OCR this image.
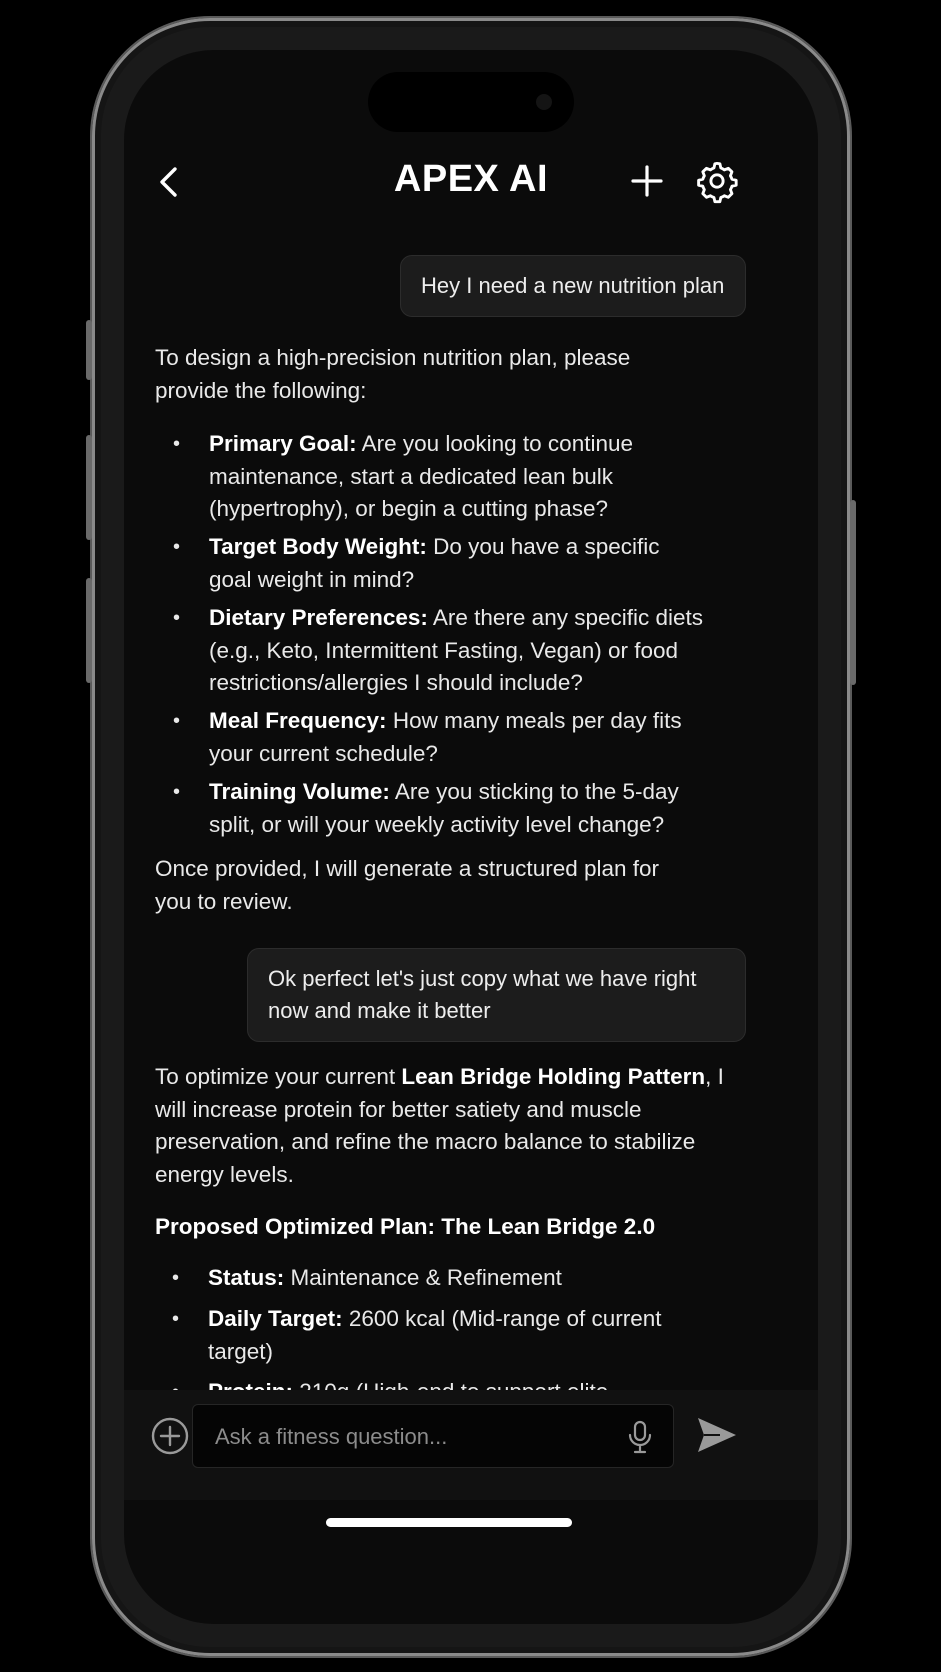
APEX AI
Hey I need a new nutrition plan

To design a high-precision nutrition plan, please provide the following:

• Primary Goal: Are you looking to continue maintenance, start a dedicated lean bulk (hypertrophy), or begin a cutting phase?
• Target Body Weight: Do you have a specific goal weight in mind?
• Dietary Preferences: Are there any specific diets (e.g., Keto, Intermittent Fasting, Vegan) or food restrictions/allergies I should include?
• Meal Frequency: How many meals per day fits your current schedule?
• Training Volume: Are you sticking to the 5-day split, or will your weekly activity level change?

Once provided, I will generate a structured plan for you to review.

Ok perfect let's just copy what we have right now and make it better

To optimize your current Lean Bridge Holding Pattern, I will increase protein for better satiety and muscle preservation, and refine the macro balance to stabilize energy levels.

Proposed Optimized Plan: The Lean Bridge 2.0

• Status: Maintenance & Refinement
• Daily Target: 2600 kcal (Mid-range of current target)
Ask a fitness question...
